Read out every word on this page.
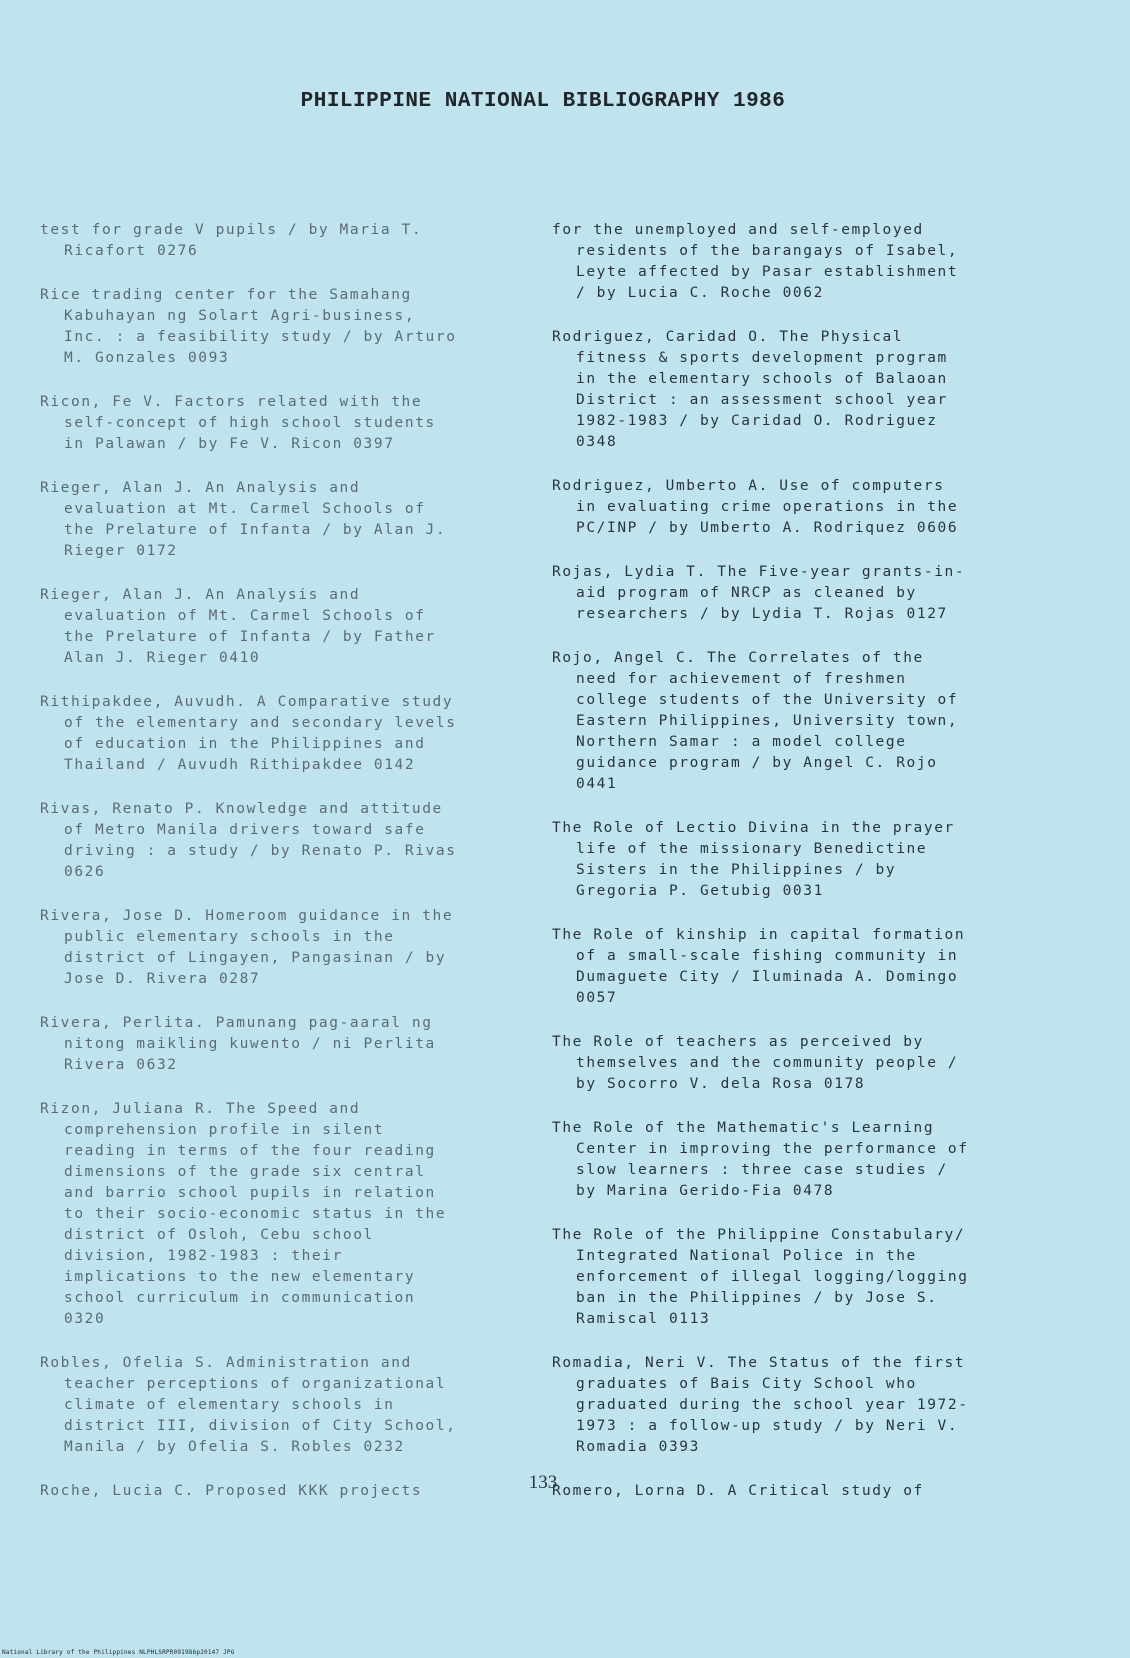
PHILIPPINE NATIONAL BIBLIOGRAPHY 1986
test for grade V pupils / by Maria T.
Ricafort 0276
Rice trading center for the Samahang
Kabuhayan ng Solart Agri-business,
Inc. : a feasibility study / by Arturo
M. Gonzales 0093
Ricon, Fe V. Factors related with the
self-concept of high school students
in Palawan / by Fe V. Ricon 0397
Rieger, Alan J. An Analysis and
evaluation at Mt. Carmel Schools of
the Prelature of Infanta / by Alan J.
Rieger 0172
Rieger, Alan J. An Analysis and
evaluation of Mt. Carmel Schools of
the Prelature of Infanta / by Father
Alan J. Rieger 0410
Rithipakdee, Auvudh. A Comparative study
of the elementary and secondary levels
of education in the Philippines and
Thailand / Auvudh Rithipakdee 0142
Rivas, Renato P. Knowledge and attitude
of Metro Manila drivers toward safe
driving : a study / by Renato P. Rivas
0626
Rivera, Jose D. Homeroom guidance in the
public elementary schools in the
district of Lingayen, Pangasinan / by
Jose D. Rivera 0287
Rivera, Perlita. Pamunang pag-aaral ng
nitong maikling kuwento / ni Perlita
Rivera 0632
Rizon, Juliana R. The Speed and
comprehension profile in silent
reading in terms of the four reading
dimensions of the grade six central
and barrio school pupils in relation
to their socio-economic status in the
district of Osloh, Cebu school
division, 1982-1983 : their
implications to the new elementary
school curriculum in communication
0320
Robles, Ofelia S. Administration and
teacher perceptions of organizational
climate of elementary schools in
district III, division of City School,
Manila / by Ofelia S. Robles 0232
Roche, Lucia C. Proposed KKK projects
for the unemployed and self-employed
residents of the barangays of Isabel,
Leyte affected by Pasar establishment
/ by Lucia C. Roche 0062
Rodriguez, Caridad O. The Physical
fitness & sports development program
in the elementary schools of Balaoan
District : an assessment school year
1982-1983 / by Caridad O. Rodriguez
0348
Rodriguez, Umberto A. Use of computers
in evaluating crime operations in the
PC/INP / by Umberto A. Rodriquez 0606
Rojas, Lydia T. The Five-year grants-in-
aid program of NRCP as cleaned by
researchers / by Lydia T. Rojas 0127
Rojo, Angel C. The Correlates of the
need for achievement of freshmen
college students of the University of
Eastern Philippines, University town,
Northern Samar : a model college
guidance program / by Angel C. Rojo
0441
The Role of Lectio Divina in the prayer
life of the missionary Benedictine
Sisters in the Philippines / by
Gregoria P. Getubig 0031
The Role of kinship in capital formation
of a small-scale fishing community in
Dumaguete City / Iluminada A. Domingo
0057
The Role of teachers as perceived by
themselves and the community people /
by Socorro V. dela Rosa 0178
The Role of the Mathematic's Learning
Center in improving the performance of
slow learners : three case studies /
by Marina Gerido-Fia 0478
The Role of the Philippine Constabulary/
Integrated National Police in the
enforcement of illegal logging/logging
ban in the Philippines / by Jose S.
Ramiscal 0113
Romadia, Neri V. The Status of the first
graduates of Bais City School who
graduated during the school year 1972-
1973 : a follow-up study / by Neri V.
Romadia 0393
Romero, Lorna D. A Critical study of
133
National Library of the Philippines NLPHLSRPR091986p20147 JPG
